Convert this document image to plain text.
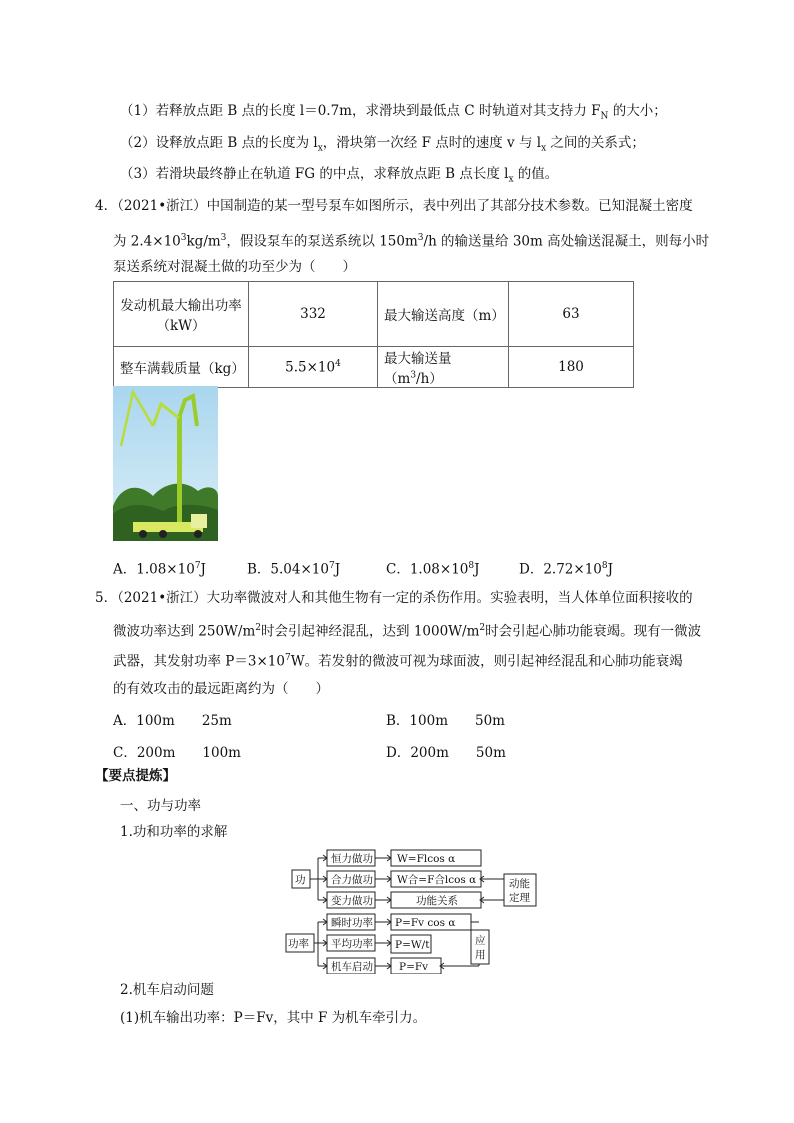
（1）若释放点距 B 点的长度 l＝0.7m，求滑块到最低点 C 时轨道对其支持力 $F_N$ 的大小；
（2）设释放点距 B 点的长度为 $l_x$，滑块第一次经 F 点时的速度 v 与 $l_x$ 之间的关系式；
（3）若滑块最终静止在轨道 FG 的中点，求释放点距 B 点长度 $l_x$ 的值。
4．（2021•浙江）中国制造的某一型号泵车如图所示，表中列出了其部分技术参数。已知混凝土密度
为 $2.4\times 10^3kg/m^3$，假设泵车的泵送系统以 $150m^3/h$ 的输送量给 30m 高处输送混凝土，则每小时
泵送系统对混凝土做的功至少为（　　）
发动机最大输出功率（kW）	332	最大输送高度（m）	63
整车满载质量（kg）	$5.5\times 10^4$	最大输送量$(m^3/h)$	180
A．$1.08\times 10^7J$	B．$5.04\times 10^7J$	C．$1.08\times 10^8J$	D．$2.72\times 10^8J$
5．（2021•浙江）大功率微波对人和其他生物有一定的杀伤作用。实验表明，当人体单位面积接收的
微波功率达到 $250W/m^2$时会引起神经混乱，达到 $1000W/m^2$时会引起心肺功能衰竭。现有一微波
武器，其发射功率 $P=3\times 10^7W$。若发射的微波可视为球面波，则引起神经混乱和心肺功能衰竭
的有效攻击的最远距离约为（　　）
A．100m　　25m	B．100m　　50m
C．200m　　100m	D．200m　　50m
【要点提炼】
一、功与功率
1.功和功率的求解
功
恒力做功
合力做功
变力做功
W=Flcos α
W合=F合lcos α
功能关系
动能
定理
功率
瞬时功率
平均功率
机车启动
P=Fv cos α
P=W/t
P=Fv
应
用
2.机车启动问题
(1)机车输出功率：P＝Fv，其中 F 为机车牵引力。
